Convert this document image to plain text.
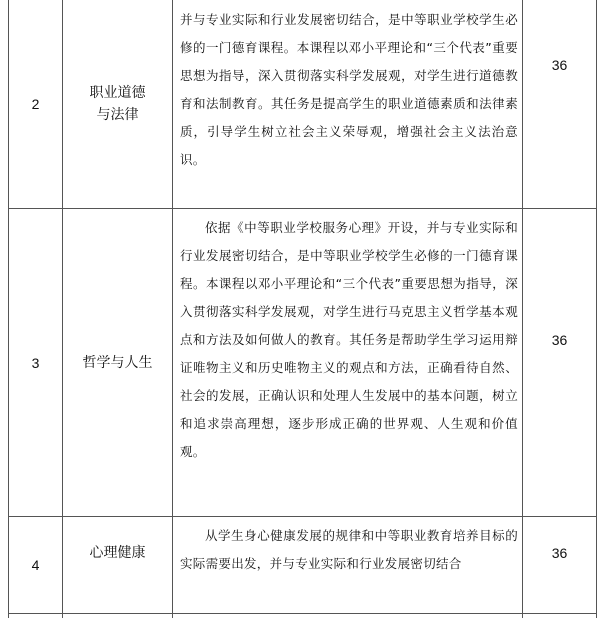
2
职业道德
与法律

并与专业实际和行业发展密切结合，是中等职业学校学生必修的一门德育课程。本课程以邓小平理论和“三个代表”重要思想为指导，深入贯彻落实科学发展观，对学生进行道德教育和法制教育。其任务是提高学生的职业道德素质和法律素质，引导学生树立社会主义荣辱观，增强社会主义法治意识。

36
3	哲学与人生

依据《中等职业学校服务心理》开设，并与专业实际和行业发展密切结合，是中等职业学校学生必修的一门德育课程。本课程以邓小平理论和“三个代表”重要思想为指导，深入贯彻落实科学发展观，对学生进行马克思主义哲学基本观点和方法及如何做人的教育。其任务是帮助学生学习运用辩证唯物主义和历史唯物主义的观点和方法，正确看待自然、社会的发展，正确认识和处理人生发展中的基本问题，树立和追求崇高理想，逐步形成正确的世界观、人生观和价值观。

36
4
心理健康

从学生身心健康发展的规律和中等职业教育培养目标的实际需要出发，并与专业实际和行业发展密切结合

36
